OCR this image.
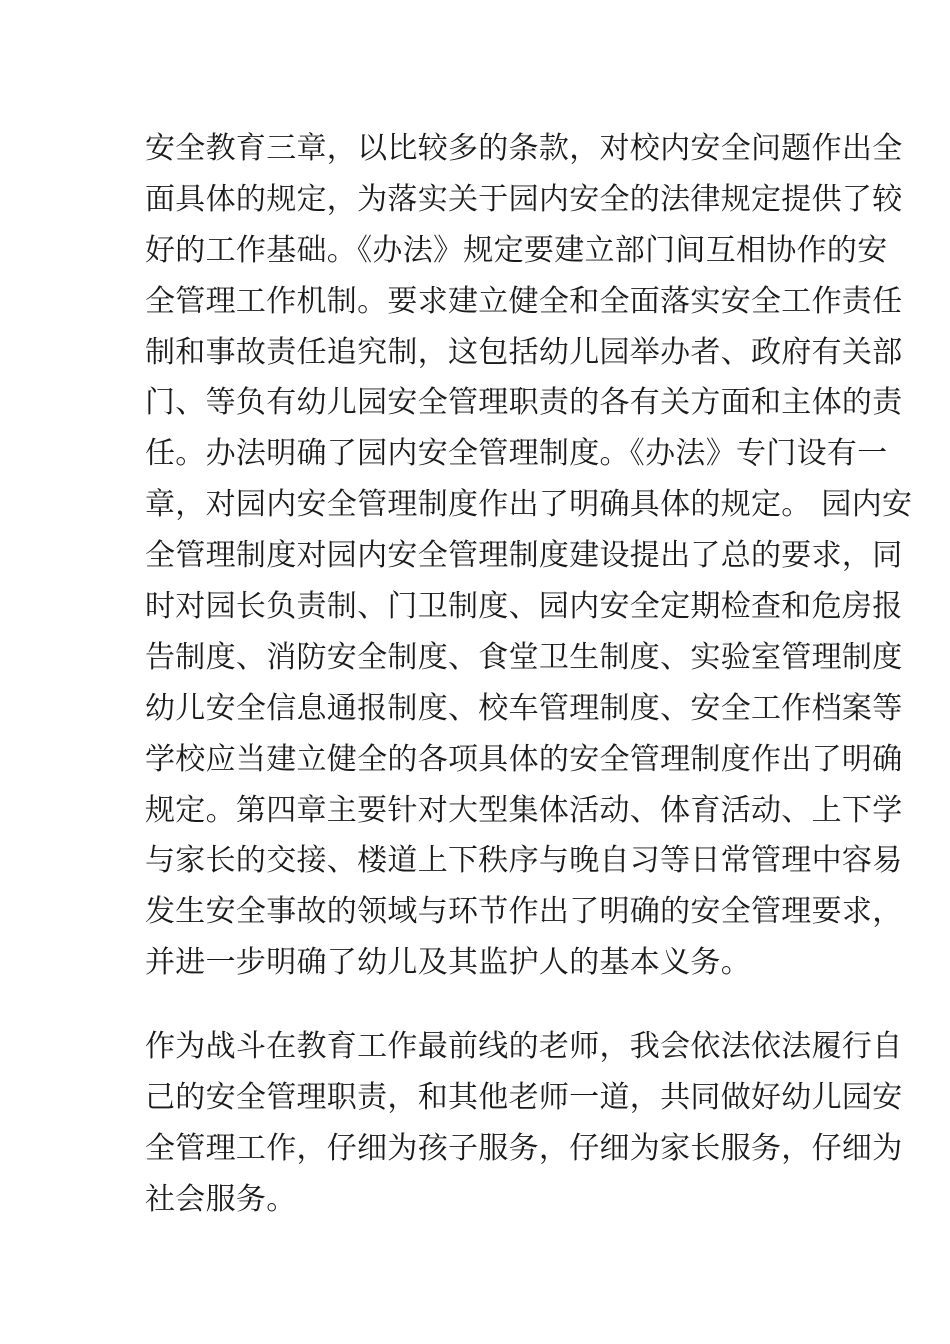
安全教育三章，以比较多的条款，对校内安全问题作出全
面具体的规定，为落实关于园内安全的法律规定提供了较
好的工作基础。《办法》规定要建立部门间互相协作的安
全管理工作机制。要求建立健全和全面落实安全工作责任
制和事故责任追究制，这包括幼儿园举办者、政府有关部
门、等负有幼儿园安全管理职责的各有关方面和主体的责
任。办法明确了园内安全管理制度。《办法》专门设有一
章，对园内安全管理制度作出了明确具体的规定。 园内安
全管理制度对园内安全管理制度建设提出了总的要求，同
时对园长负责制、门卫制度、园内安全定期检查和危房报
告制度、消防安全制度、食堂卫生制度、实验室管理制度
幼儿安全信息通报制度、校车管理制度、安全工作档案等
学校应当建立健全的各项具体的安全管理制度作出了明确
规定。第四章主要针对大型集体活动、体育活动、上下学
与家长的交接、楼道上下秩序与晚自习等日常管理中容易
发生安全事故的领域与环节作出了明确的安全管理要求，
并进一步明确了幼儿及其监护人的基本义务。
作为战斗在教育工作最前线的老师，我会依法依法履行自
己的安全管理职责，和其他老师一道，共同做好幼儿园安
全管理工作，仔细为孩子服务，仔细为家长服务，仔细为
社会服务。
